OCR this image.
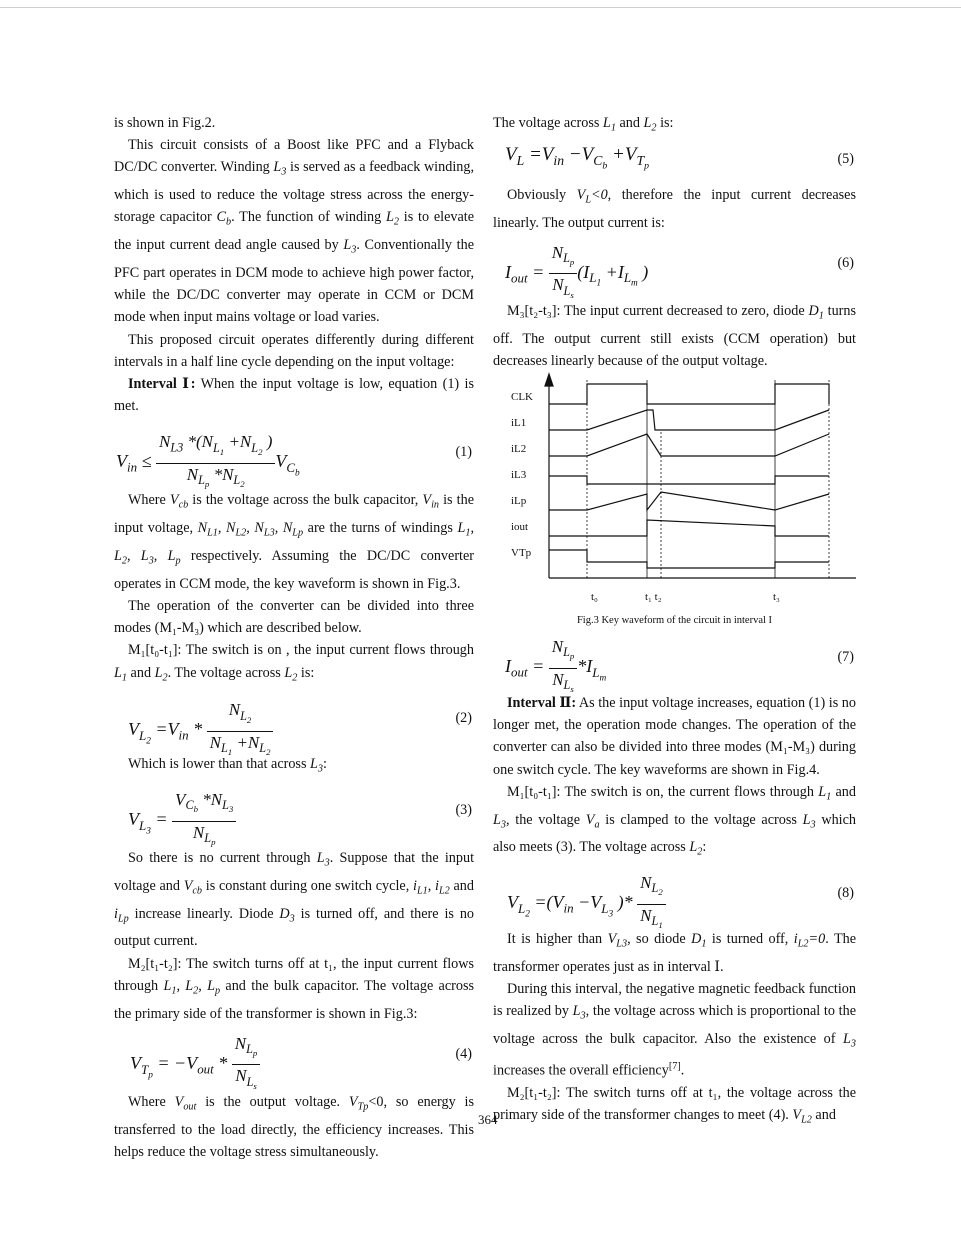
is shown in Fig.2.

This circuit consists of a Boost like PFC and a Flyback DC/DC converter. Winding $L_3$ is served as a feedback winding, which is used to reduce the voltage stress across the energy-storage capacitor $C_b$. The function of winding $L_2$ is to elevate the input current dead angle caused by $L_3$. Conventionally the PFC part operates in DCM mode to achieve high power factor, while the DC/DC converter may operate in CCM or DCM mode when input mains voltage or load varies.

This proposed circuit operates differently during different intervals in a half line cycle depending on the input voltage:

Interval Ⅰ: When the input voltage is low, equation (1) is met.

$V_{in} \le \frac{N_{L3} *(N_{L_1} +N_{L_2} )}{N_{L_p} *N_{L_2}} V_{C_b}$
(1)

Where $V_{cb}$ is the voltage across the bulk capacitor, $V_{in}$ is the input voltage, $N_{L1}$, $N_{L2}$, $N_{L3}$, $N_{Lp}$ are the turns of windings $L_1$, $L_2$, $L_3$, $L_p$ respectively. Assuming the DC/DC converter operates in CCM mode, the key waveform is shown in Fig.3.

The operation of the converter can be divided into three modes (M₁-M₃) which are described below.

M₁[t₀-t₁]: The switch is on , the input current flows through $L_1$ and $L_2$. The voltage across $L_2$ is:

$V_{L_2} =V_{in} * \frac{N_{L_2}}{N_{L_1} +N_{L_2}}$	(2)

Which is lower than that across $L_3$:

$V_{L_3} = \frac{V_{C_b} *N_{L_3}}{N_{L_p}}$	(3)

So there is no current through $L_3$. Suppose that the input voltage and $V_{cb}$ is constant during one switch cycle, $i_{L1}$, $i_{L2}$ and $i_{Lp}$ increase linearly. Diode $D_3$ is turned off, and there is no output current.

M₂[t₁-t₂]: The switch turns off at t₁, the input current flows through $L_1$, $L_2$, $L_p$ and the bulk capacitor. The voltage across the primary side of the transformer is shown in Fig.3:

$V_{T_p} = -V_{out} * \frac{N_{L_p}}{N_{L_s}}$	(4)

Where $V_{out}$ is the output voltage. $V_{Tp}<0$, so energy is transferred to the load directly, the efficiency increases. This helps reduce the voltage stress simultaneously.

The voltage across $L_1$ and $L_2$ is:

$V_L =V_{in} -V_{C_b} +V_{T_p}$	(5)

Obviously $V_L<0$, therefore the input current decreases linearly. The output current is:

$I_{out} = \frac{N_{L_p}}{N_{L_s}} (I_{L_1} +I_{L_m}$ )	(6)

M₃[t₂-t₃]: The input current decreased to zero, diode $D_1$ turns off. The output current still exists (CCM operation) but decreases linearly because of the output voltage.

CLK
iL1
iL2
iL3
iLp
iout
VTp
t₀	t₁ t₂	t₃
Fig.3 Key waveform of the circuit in interval I
$I_{out} = \frac{N_{L_p}}{N_{L_s}} *I_{L_m}$
(7)

Interval Ⅱ: As the input voltage increases, equation (1) is no longer met, the operation mode changes. The operation of the converter can also be divided into three modes (M₁-M₃) during one switch cycle. The key waveforms are shown in Fig.4.

M₁[t₀-t₁]: The switch is on, the current flows through $L_1$ and $L_3$, the voltage $V_a$ is clamped to the voltage across $L_3$ which also meets (3). The voltage across $L_2$:

$V_{L_2} =(V_{in} -V_{L_3}$ )* $\frac{N_{L_2}}{N_{L_1}}$	(8)

It is higher than $V_{L3}$, so diode $D_1$ is turned off, $i_{L2}=0$. The transformer operates just as in interval Ⅰ.

During this interval, the negative magnetic feedback function is realized by $L_3$, the voltage across which is proportional to the voltage across the bulk capacitor. Also the existence of $L_3$ increases the overall efficiency[7].

M₂[t₁-t₂]: The switch turns off at t₁, the voltage across the primary side of the transformer changes to meet (4). $V_{L2}$ and

364
